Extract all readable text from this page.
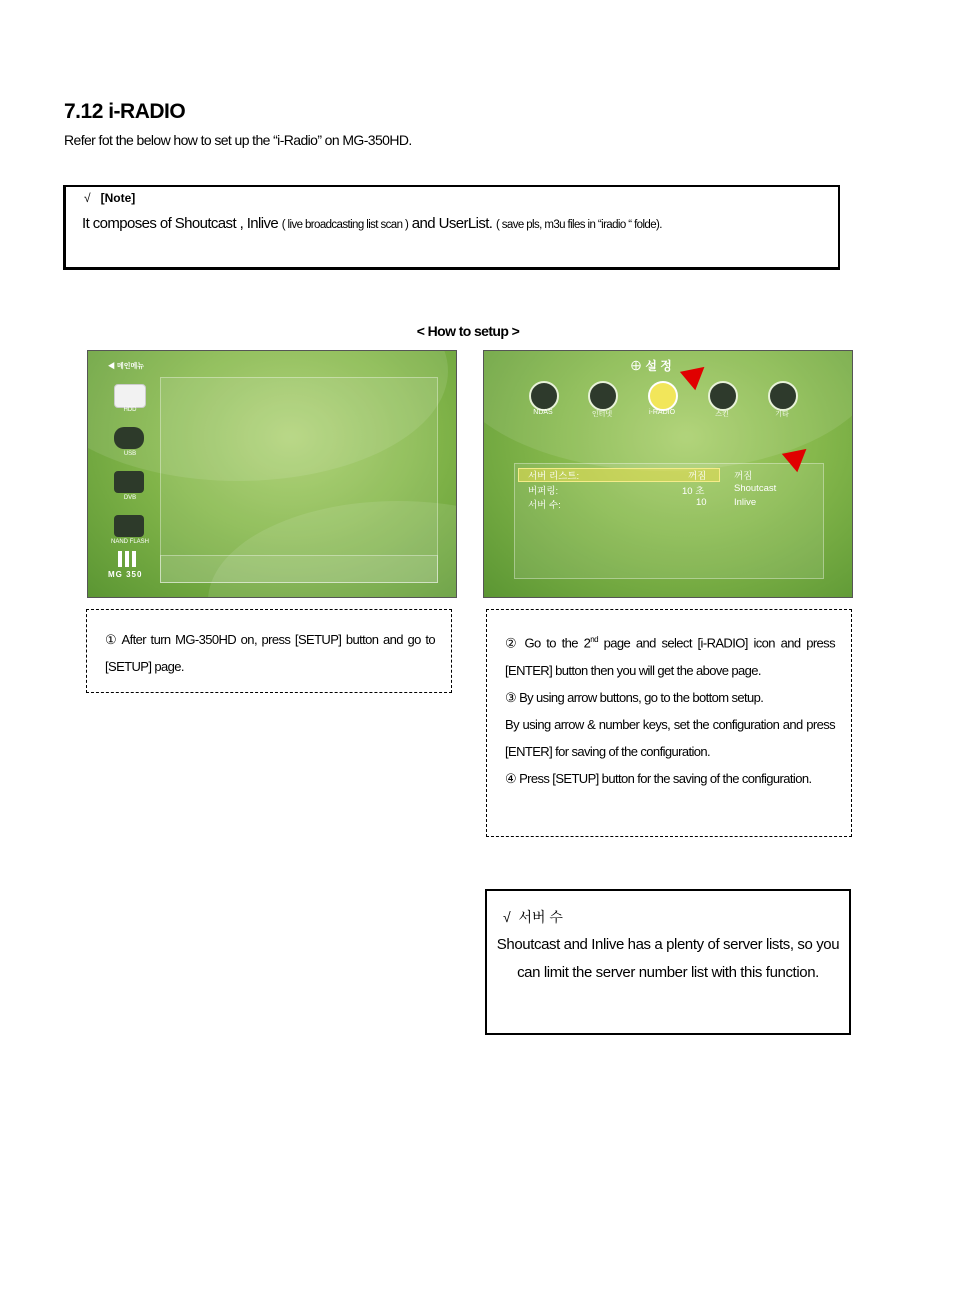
7.12 i-RADIO
Refer fot the below how to set up the “i-Radio” on MG-350HD.
√ [Note]
It composes of Shoutcast , Inlive ( live broadcasting list scan ) and UserList. ( save pls, m3u files in “iradio “ folde).
< How to setup >
◀ 메인메뉴
HDD
USB
DVB
NAND FLASH
MG 350
⊕ 설 정
NDAS	인터넷	i-RADIO	스킨	기타
서버 리스트:	꺼짐	꺼짐
버퍼링:	10 초	Shoutcast
서버 수:	10	Inlive

① After turn MG-350HD on, press [SETUP] button and go to [SETUP] page.

② Go to the 2nd page and select [i-RADIO] icon and press [ENTER] button then you will get the above page.

③ By using arrow buttons, go to the bottom setup.

By using arrow & number keys, set the configuration and press [ENTER] for saving of the configuration.

④ Press [SETUP] button for the saving of the configuration.

√ 서버 수
Shoutcast and Inlive has a plenty of server lists, so you can limit the server number list with this function.
